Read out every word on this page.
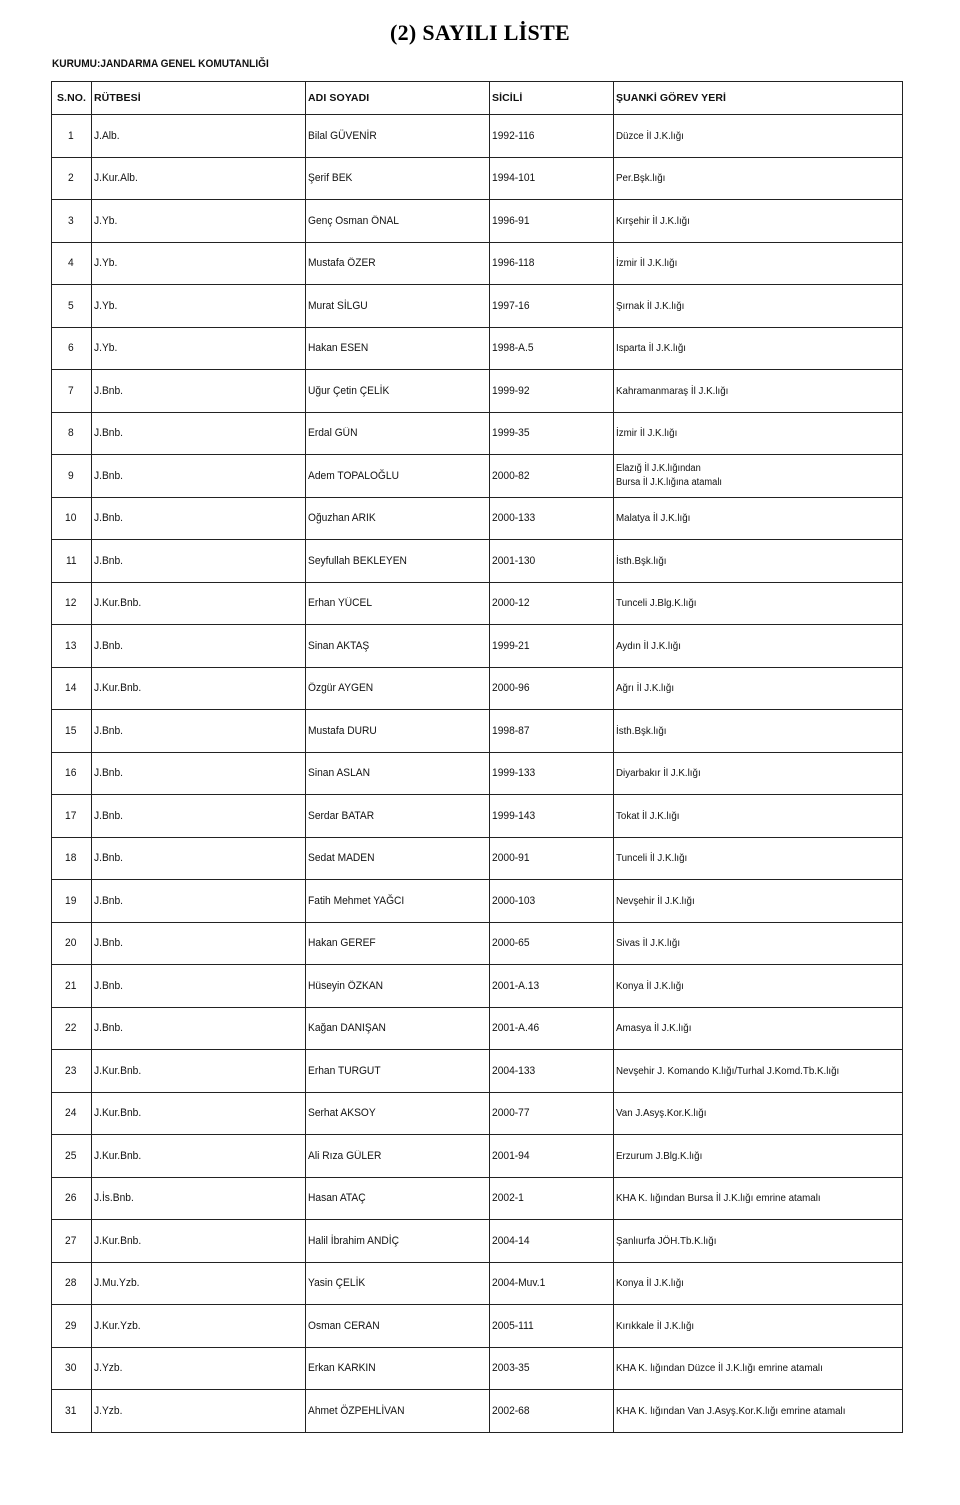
(2) SAYILI LİSTE
KURUMU:JANDARMA GENEL KOMUTANLIĞI
S.NO.	RÜTBESİ	ADI SOYADI	SİCİLİ	ŞUANKİ GÖREV YERİ
1	J.Alb.	Bilal GÜVENİR	1992-116	Düzce İl J.K.lığı
2	J.Kur.Alb.	Şerif BEK	1994-101	Per.Bşk.lığı
3	J.Yb.	Genç Osman ÖNAL	1996-91	Kırşehir İl J.K.lığı
4	J.Yb.	Mustafa ÖZER	1996-118	İzmir İl J.K.lığı
5	J.Yb.	Murat SİLGU	1997-16	Şırnak İl J.K.lığı
6	J.Yb.	Hakan ESEN	1998-A.5	Isparta İl J.K.lığı
7	J.Bnb.	Uğur Çetin ÇELİK	1999-92	Kahramanmaraş İl J.K.lığı
8	J.Bnb.	Erdal GÜN	1999-35	İzmir İl J.K.lığı
9	J.Bnb.	Adem TOPALOĞLU	2000-82	Elazığ İl J.K.lığından
Bursa İl J.K.lığına atamalı

10	J.Bnb.	Oğuzhan ARIK	2000-133	Malatya İl J.K.lığı
11	J.Bnb.	Seyfullah BEKLEYEN	2001-130	İsth.Bşk.lığı
12	J.Kur.Bnb.	Erhan YÜCEL	2000-12	Tunceli J.Blg.K.lığı
13	J.Bnb.	Sinan AKTAŞ	1999-21	Aydın İl J.K.lığı
14	J.Kur.Bnb.	Özgür AYGEN	2000-96	Ağrı İl J.K.lığı
15	J.Bnb.	Mustafa DURU	1998-87	İsth.Bşk.lığı
16	J.Bnb.	Sinan ASLAN	1999-133	Diyarbakır İl J.K.lığı
17	J.Bnb.	Serdar BATAR	1999-143	Tokat İl J.K.lığı
18	J.Bnb.	Sedat MADEN	2000-91	Tunceli İl J.K.lığı
19	J.Bnb.	Fatih Mehmet YAĞCI	2000-103	Nevşehir İl J.K.lığı
20	J.Bnb.	Hakan GEREF	2000-65	Sivas İl J.K.lığı
21	J.Bnb.	Hüseyin ÖZKAN	2001-A.13	Konya İl J.K.lığı
22	J.Bnb.	Kağan DANIŞAN	2001-A.46	Amasya İl J.K.lığı
23	J.Kur.Bnb.	Erhan TURGUT	2004-133	Nevşehir J. Komando K.lığı/Turhal J.Komd.Tb.K.lığı
24	J.Kur.Bnb.	Serhat AKSOY	2000-77	Van J.Asyş.Kor.K.lığı
25	J.Kur.Bnb.	Ali Rıza GÜLER	2001-94	Erzurum J.Blg.K.lığı
26	J.İs.Bnb.	Hasan ATAÇ	2002-1	KHA K. lığından Bursa İl J.K.lığı emrine atamalı
27	J.Kur.Bnb.	Halil İbrahim ANDİÇ	2004-14	Şanlıurfa JÖH.Tb.K.lığı
28	J.Mu.Yzb.	Yasin ÇELİK	2004-Muv.1	Konya İl J.K.lığı
29	J.Kur.Yzb.	Osman CERAN	2005-111	Kırıkkale İl J.K.lığı
30	J.Yzb.	Erkan KARKIN	2003-35	KHA K. lığından Düzce İl J.K.lığı emrine atamalı
31	J.Yzb.	Ahmet ÖZPEHLİVAN	2002-68	KHA K. lığından Van J.Asyş.Kor.K.lığı emrine atamalı
